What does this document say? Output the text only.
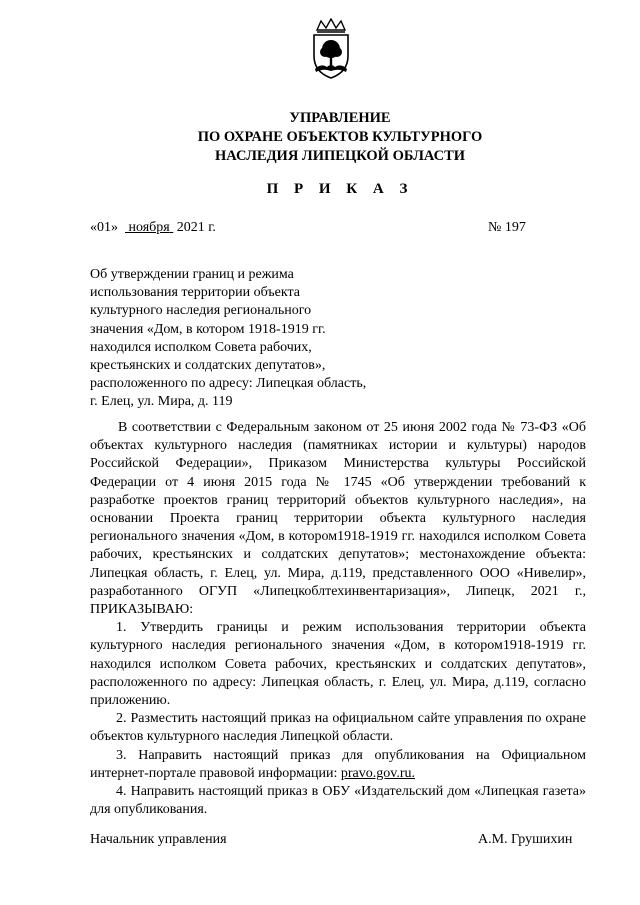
УПРАВЛЕНИЕ
ПО ОХРАНЕ ОБЪЕКТОВ КУЛЬТУРНОГО
НАСЛЕДИЯ ЛИПЕЦКОЙ ОБЛАСТИ
П Р И К А З
«01» ноября 2021 г.	№ 197
Об утверждении границ и режима
использования территории объекта
культурного наследия регионального
значения «Дом, в котором 1918-1919 гг.
находился исполком Совета рабочих,
крестьянских и солдатских депутатов»,
расположенного по адресу: Липецкая область,
г. Елец, ул. Мира, д. 119

В соответствии с Федеральным законом от 25 июня 2002 года № 73-ФЗ «Об объектах культурного наследия (памятниках истории и культуры) народов Российской Федерации», Приказом Министерства культуры Российской Федерации от 4 июня 2015 года № 1745 «Об утверждении требований к разработке проектов границ территорий объектов культурного наследия», на основании Проекта границ территории объекта культурного наследия регионального значения «Дом, в котором1918-1919 гг. находился исполком Совета рабочих, крестьянских и солдатских депутатов»; местонахождение объекта: Липецкая область, г. Елец, ул. Мира, д.119, представленного ООО «Нивелир», разработанного ОГУП «Липецкоблтехинвентаризация», Липецк, 2021 г., ПРИКАЗЫВАЮ:

1. Утвердить границы и режим использования территории объекта культурного наследия регионального значения «Дом, в котором1918-1919 гг. находился исполком Совета рабочих, крестьянских и солдатских депутатов», расположенного по адресу: Липецкая область, г. Елец, ул. Мира, д.119, согласно приложению.

2. Разместить настоящий приказ на официальном сайте управления по охране объектов культурного наследия Липецкой области.

3. Направить настоящий приказ для опубликования на Официальном интернет-портале правовой информации: pravo.gov.ru.

4. Направить настоящий приказ в ОБУ «Издательский дом «Липецкая газета» для опубликования.

Начальник управления	А.М. Грушихин
